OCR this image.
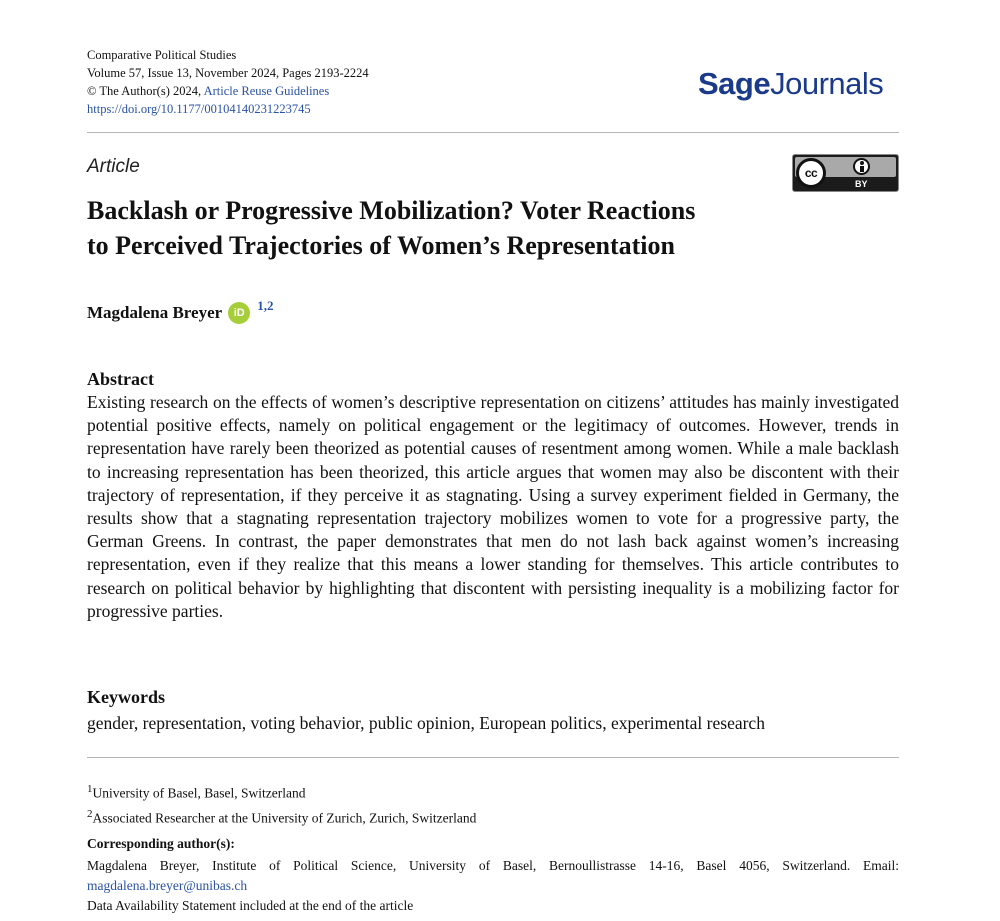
Comparative Political Studies
Volume 57, Issue 13, November 2024, Pages 2193-2224
© The Author(s) 2024, Article Reuse Guidelines
https://doi.org/10.1177/00104140231223745
SageJournals
Article	cc
BY
Backlash or Progressive Mobilization? Voter Reactions
to Perceived Trajectories of Women’s Representation
Magdalena Breyer	iD 1,2
Abstract

Existing research on the effects of women’s descriptive representation on citizens’ attitudes has mainly investigated potential positive effects, namely on political engagement or the legitimacy of outcomes. However, trends in representation have rarely been theorized as potential causes of resentment among women. While a male backlash to increasing representation has been theorized, this article argues that women may also be discontent with their trajectory of representation, if they perceive it as stagnating. Using a survey experiment fielded in Germany, the results show that a stagnating representation trajectory mobilizes women to vote for a progressive party, the German Greens. In contrast, the paper demonstrates that men do not lash back against women’s increasing representation, even if they realize that this means a lower standing for themselves. This article contributes to research on political behavior by highlighting that discontent with persisting inequality is a mobilizing factor for progressive parties.

Keywords
gender, representation, voting behavior, public opinion, European politics, experimental research
$^1$University of Basel, Basel, Switzerland
$^2$Associated Researcher at the University of Zurich, Zurich, Switzerland
Corresponding author(s):

Magdalena Breyer, Institute of Political Science, University of Basel, Bernoullistrasse 14-16, Basel 4056, Switzerland. Email: magdalena.breyer@unibas.ch

Data Availability Statement included at the end of the article
